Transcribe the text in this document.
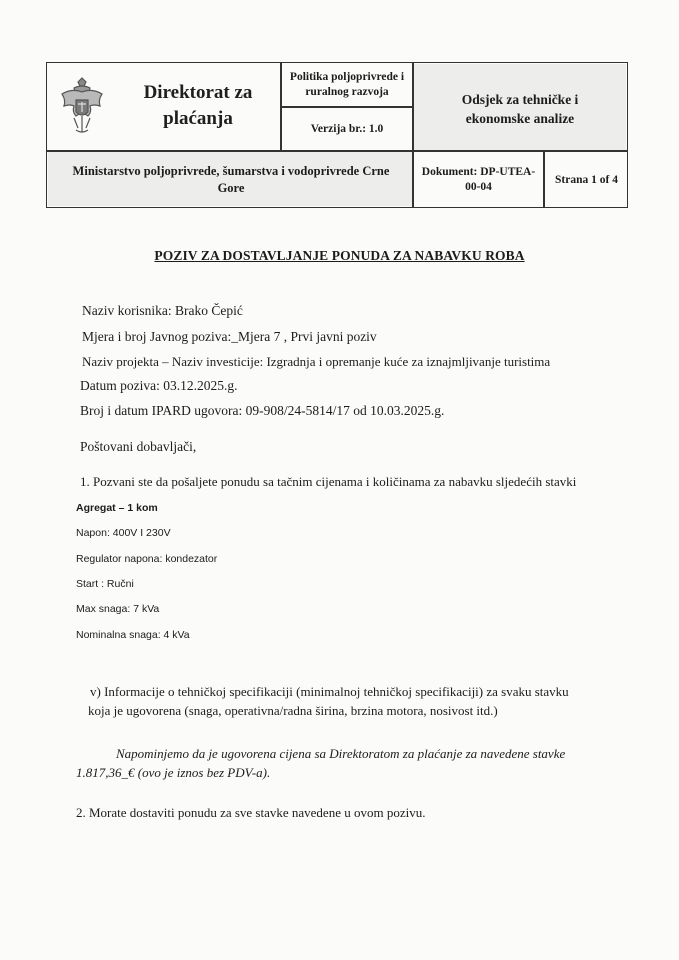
Direktorat za
plaćanja
Politika poljoprivrede i
ruralnog razvoja
Verzija br.: 1.0
Odsjek za tehničke i
ekonomske analize
Ministarstvo poljoprivrede, šumarstva i vodoprivrede Crne
Gore
Dokument: DP-UTEA-
00-04
Strana 1 of 4
POZIV ZA DOSTAVLJANJE PONUDA ZA NABAVKU ROBA
Naziv korisnika: Brako Čepić
Mjera i broj Javnog poziva:_Mjera 7 , Prvi javni poziv
Naziv projekta – Naziv investicije: Izgradnja i opremanje kuće za iznajmljivanje turistima
Datum poziva: 03.12.2025.g.
Broj i datum IPARD ugovora: 09-908/24-5814/17 od 10.03.2025.g.
Poštovani dobavljači,
1. Pozvani ste da pošaljete ponudu sa tačnim cijenama i količinama za nabavku sljedećih stavki
Agregat – 1 kom
Napon: 400V I 230V
Regulator napona: kondezator
Start : Ručni
Max snaga: 7 kVa
Nominalna snaga: 4 kVa
v) Informacije o tehničkoj specifikaciji (minimalnoj tehničkoj specifikaciji) za svaku stavku
koja je ugovorena (snaga, operativna/radna širina, brzina motora, nosivost itd.)
Napominjemo da je ugovorena cijena sa Direktoratom za plaćanje za navedene stavke
1.817,36_€ (ovo je iznos bez PDV-a).
2. Morate dostaviti ponudu za sve stavke navedene u ovom pozivu.
